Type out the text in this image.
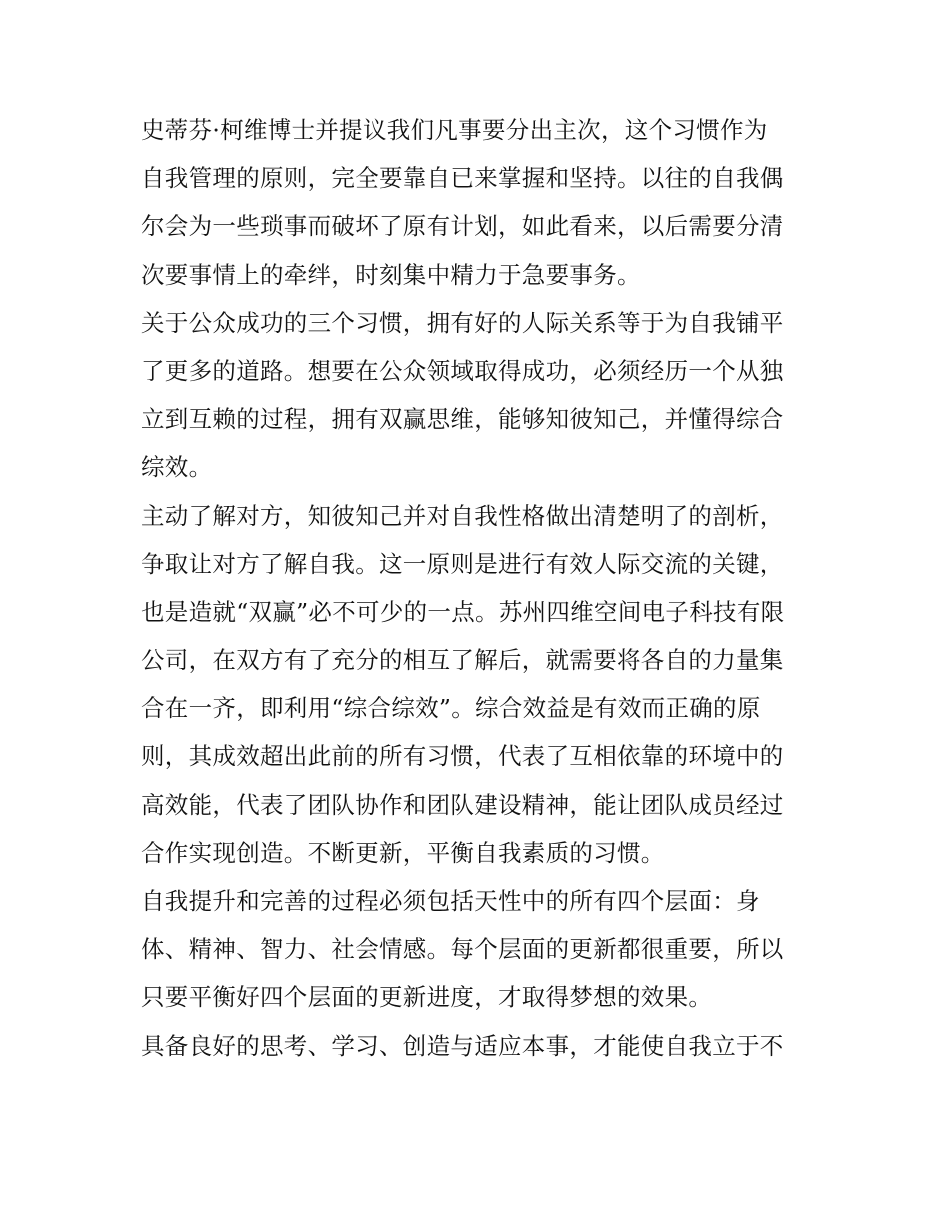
史蒂芬·柯维博士并提议我们凡事要分出主次，这个习惯作为
自我管理的原则，完全要靠自已来掌握和坚持。以往的自我偶
尔会为一些琐事而破坏了原有计划，如此看来，以后需要分清
次要事情上的牵绊，时刻集中精力于急要事务。
关于公众成功的三个习惯，拥有好的人际关系等于为自我铺平
了更多的道路。想要在公众领域取得成功，必须经历一个从独
立到互赖的过程，拥有双赢思维，能够知彼知己，并懂得综合
综效。
主动了解对方，知彼知己并对自我性格做出清楚明了的剖析，
争取让对方了解自我。这一原则是进行有效人际交流的关键，
也是造就“双赢”必不可少的一点。苏州四维空间电子科技有限
公司，在双方有了充分的相互了解后，就需要将各自的力量集
合在一齐，即利用“综合综效”。综合效益是有效而正确的原
则，其成效超出此前的所有习惯，代表了互相依靠的环境中的
高效能，代表了团队协作和团队建设精神，能让团队成员经过
合作实现创造。不断更新，平衡自我素质的习惯。
自我提升和完善的过程必须包括天性中的所有四个层面：身
体、精神、智力、社会情感。每个层面的更新都很重要，所以
只要平衡好四个层面的更新进度，才取得梦想的效果。
具备良好的思考、学习、创造与适应本事，才能使自我立于不
